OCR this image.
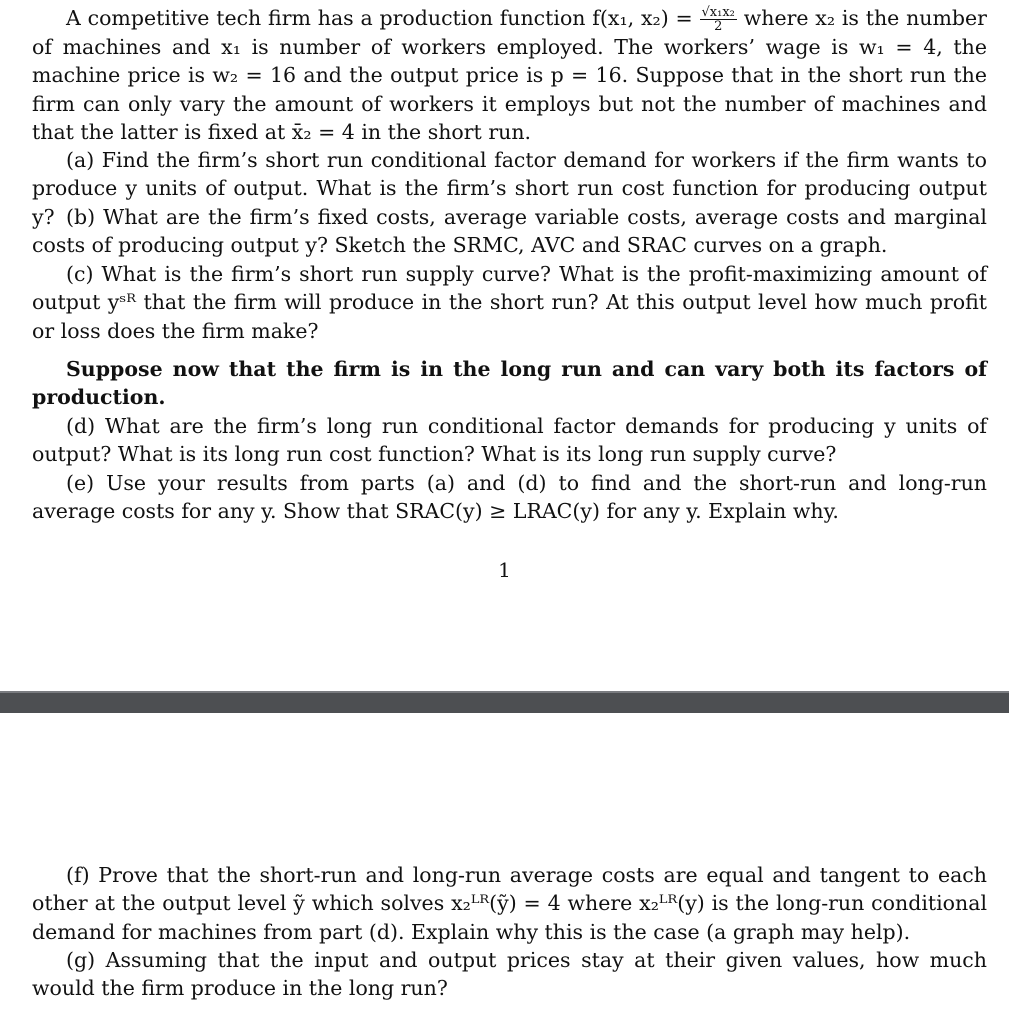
A competitive tech firm has a production function f(x₁, $x_2) = \frac{\text{√x₁x₂}}{2}$ where x₂ is the number of machines and x₁ is number of workers employed. The workers’ wage is w₁ = 4, the machine price is w₂ = 16 and the output price is p = 16. Suppose that in the short run the firm can only vary the amount of workers it employs but not the number of machines and that the latter is fixed at x̄₂ = 4 in the short run.

(a) Find the firm’s short run conditional factor demand for workers if the firm wants to produce y units of output. What is the firm’s short run cost function for producing output y? (b) What are the firm’s fixed costs, average variable costs, average costs and marginal costs of producing output y? Sketch the SRMC, AVC and SRAC curves on a graph.

(c) What is the firm’s short run supply curve? What is the profit-maximizing amount of output yˢᴿ that the firm will produce in the short run? At this output level how much profit or loss does the firm make?

Suppose now that the firm is in the long run and can vary both its factors of production.

(d) What are the firm’s long run conditional factor demands for producing y units of output? What is its long run cost function? What is its long run supply curve?

(e) Use your results from parts (a) and (d) to find and the short-run and long-run average costs for any y. Show that SRAC(y) ≥ LRAC(y) for any y. Explain why.

1

(f) Prove that the short-run and long-run average costs are equal and tangent to each other at the output level ỹ which solves x₂ᴸᴿ(ỹ) = 4 where x₂ᴸᴿ(y) is the long-run conditional demand for machines from part (d). Explain why this is the case (a graph may help).

(g) Assuming that the input and output prices stay at their given values, how much would the firm produce in the long run?
